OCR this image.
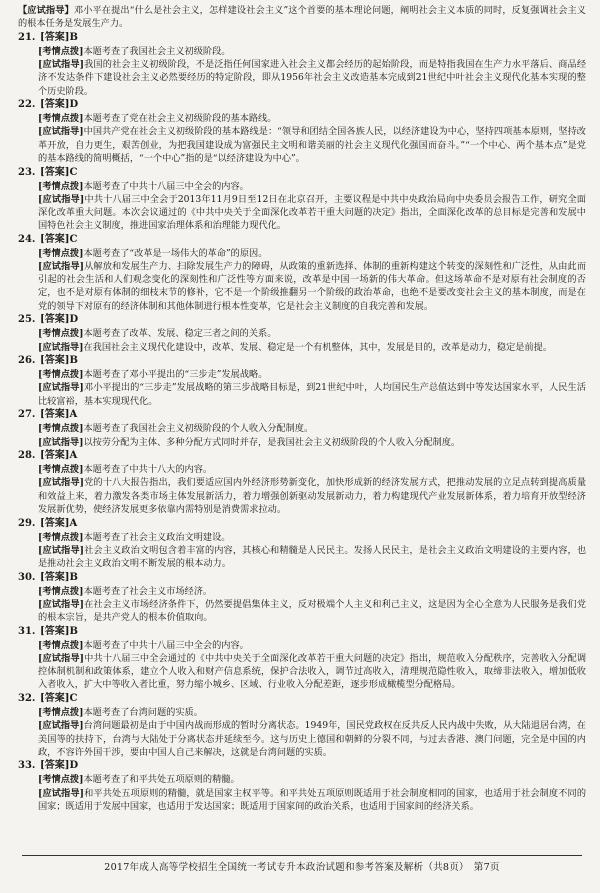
【应试指导】邓小平在提出“什么是社会主义，怎样建设社会主义”这个首要的基本理论问题，阐明社会主义本质的同时，反复强调社会主义的根本任务是发展生产力。
21. [答案]B
[考情点拨]本题考查了我国社会主义初级阶段。
[应试指导]我国的社会主义初级阶段，不是泛指任何国家进入社会主义都会经历的起始阶段，而是特指我国在生产力水平落后、商品经济不发达条件下建设社会主义必然要经历的特定阶段，即从1956年社会主义改造基本完成到21世纪中叶社会主义现代化基本实现的整个历史阶段。
22. [答案]D
[考情点拨]本题考查了党在社会主义初级阶段的基本路线。
[应试指导]中国共产党在社会主义初级阶段的基本路线是：“领导和团结全国各族人民，以经济建设为中心，坚持四项基本原则，坚持改革开放，自力更生，艰苦创业，为把我国建设成为富强民主文明和谐美丽的社会主义现代化强国而奋斗。”“一个中心、两个基本点”是党的基本路线的简明概括，“一个中心”指的是“以经济建设为中心”。
23. [答案]C
[考情点拨]本题考查了中共十八届三中全会的内容。
[应试指导]中共十八届三中全会于2013年11月9日至12日在北京召开，主要议程是中共中央政治局向中央委员会报告工作，研究全面深化改革重大问题。本次会议通过的《中共中央关于全面深化改革若干重大问题的决定》指出，全面深化改革的总目标是完善和发展中国特色社会主义制度，推进国家治理体系和治理能力现代化。
24. [答案]C
[考情点拨]本题考查了“改革是一场伟大的革命”的原因。
[应试指导]从解放和发展生产力、扫除发展生产力的障碍，从政策的重新选择、体制的重新构建这个转变的深刻性和广泛性，从由此而引起的社会生活和人们观念变化的深刻性和广泛性等方面来说，改革是中国一场新的伟大革命。但这场革命不是对原有社会制度的否定，也不是对原有体制的细枝末节的修补，它不是一个阶级推翻另一个阶级的政治革命，也绝不是要改变社会主义的基本制度，而是在党的领导下对原有的经济体制和其他体制进行根本性变革，它是社会主义制度的自我完善和发展。
25. [答案]D
[考情点拨]本题考查了改革、发展、稳定三者之间的关系。
[应试指导]在我国社会主义现代化建设中，改革、发展、稳定是一个有机整体，其中，发展是目的，改革是动力，稳定是前提。
26. [答案]B
[考情点拨]本题考查了邓小平提出的“三步走”发展战略。
[应试指导]邓小平提出的“三步走”发展战略的第三步战略目标是，到21世纪中叶，人均国民生产总值达到中等发达国家水平，人民生活比较富裕，基本实现现代化。
27. [答案]A
[考情点拨]本题考查了我国社会主义初级阶段的个人收入分配制度。
[应试指导]以按劳分配为主体、多种分配方式同时并存，是我国社会主义初级阶段的个人收入分配制度。
28. [答案]A
[考情点拨]本题考查了中共十八大的内容。
[应试指导]党的十八大报告指出，我们要适应国内外经济形势新变化，加快形成新的经济发展方式，把推动发展的立足点转到提高质量和效益上来，着力激发各类市场主体发展新活力，着力增强创新驱动发展新动力，着力构建现代产业发展新体系，着力培育开放型经济发展新优势，使经济发展更多依靠内需特别是消费需求拉动。
29. [答案]A
[考情点拨]本题考查了社会主义政治文明建设。
[应试指导]社会主义政治文明包含着丰富的内容，其核心和精髓是人民民主。发扬人民民主，是社会主义政治文明建设的主要内容，也是推动社会主义政治文明不断发展的根本动力。
30. [答案]B
[考情点拨]本题考查了社会主义市场经济。
[应试指导]在社会主义市场经济条件下，仍然要提倡集体主义，反对极端个人主义和利己主义，这是因为全心全意为人民服务是我们党的根本宗旨，是共产党人的根本价值取向。
31. [答案]B
[考情点拨]本题考查了中共十八届三中全会的内容。
[应试指导]中共十八届三中全会通过的《中共中央关于全面深化改革若干重大问题的决定》指出，规范收入分配秩序，完善收入分配调控体制机制和政策体系，建立个人收入和财产信息系统，保护合法收入，调节过高收入，清理规范隐性收入，取缔非法收入，增加低收入者收入，扩大中等收入者比重，努力缩小城乡、区域、行业收入分配差距，逐步形成橄榄型分配格局。
32. [答案]C
[考情点拨]本题考查了台湾问题的实质。
[应试指导]台湾问题最初是由于中国内战而形成的暂时分离状态。1949年，国民党政权在反共反人民内战中失败，从大陆退居台湾，在美国等的扶持下，台湾与大陆处于分离状态并延续至今。这与历史上德国和朝鲜的分裂不同，与过去香港、澳门问题，完全是中国的内政，不容许外国干涉，要由中国人自己来解决，这就是台湾问题的实质。
33. [答案]D
[考情点拨]本题考查了和平共处五项原则的精髓。
[应试指导]和平共处五项原则的精髓，就是国家主权平等。和平共处五项原则既适用于社会制度相同的国家，也适用于社会制度不同的国家；既适用于发展中国家，也适用于发达国家；既适用于国家间的政治关系，也适用于国家间的经济关系。
2017年成人高等学校招生全国统一考试专升本政治试题和参考答案及解析（共8页）　第7页
